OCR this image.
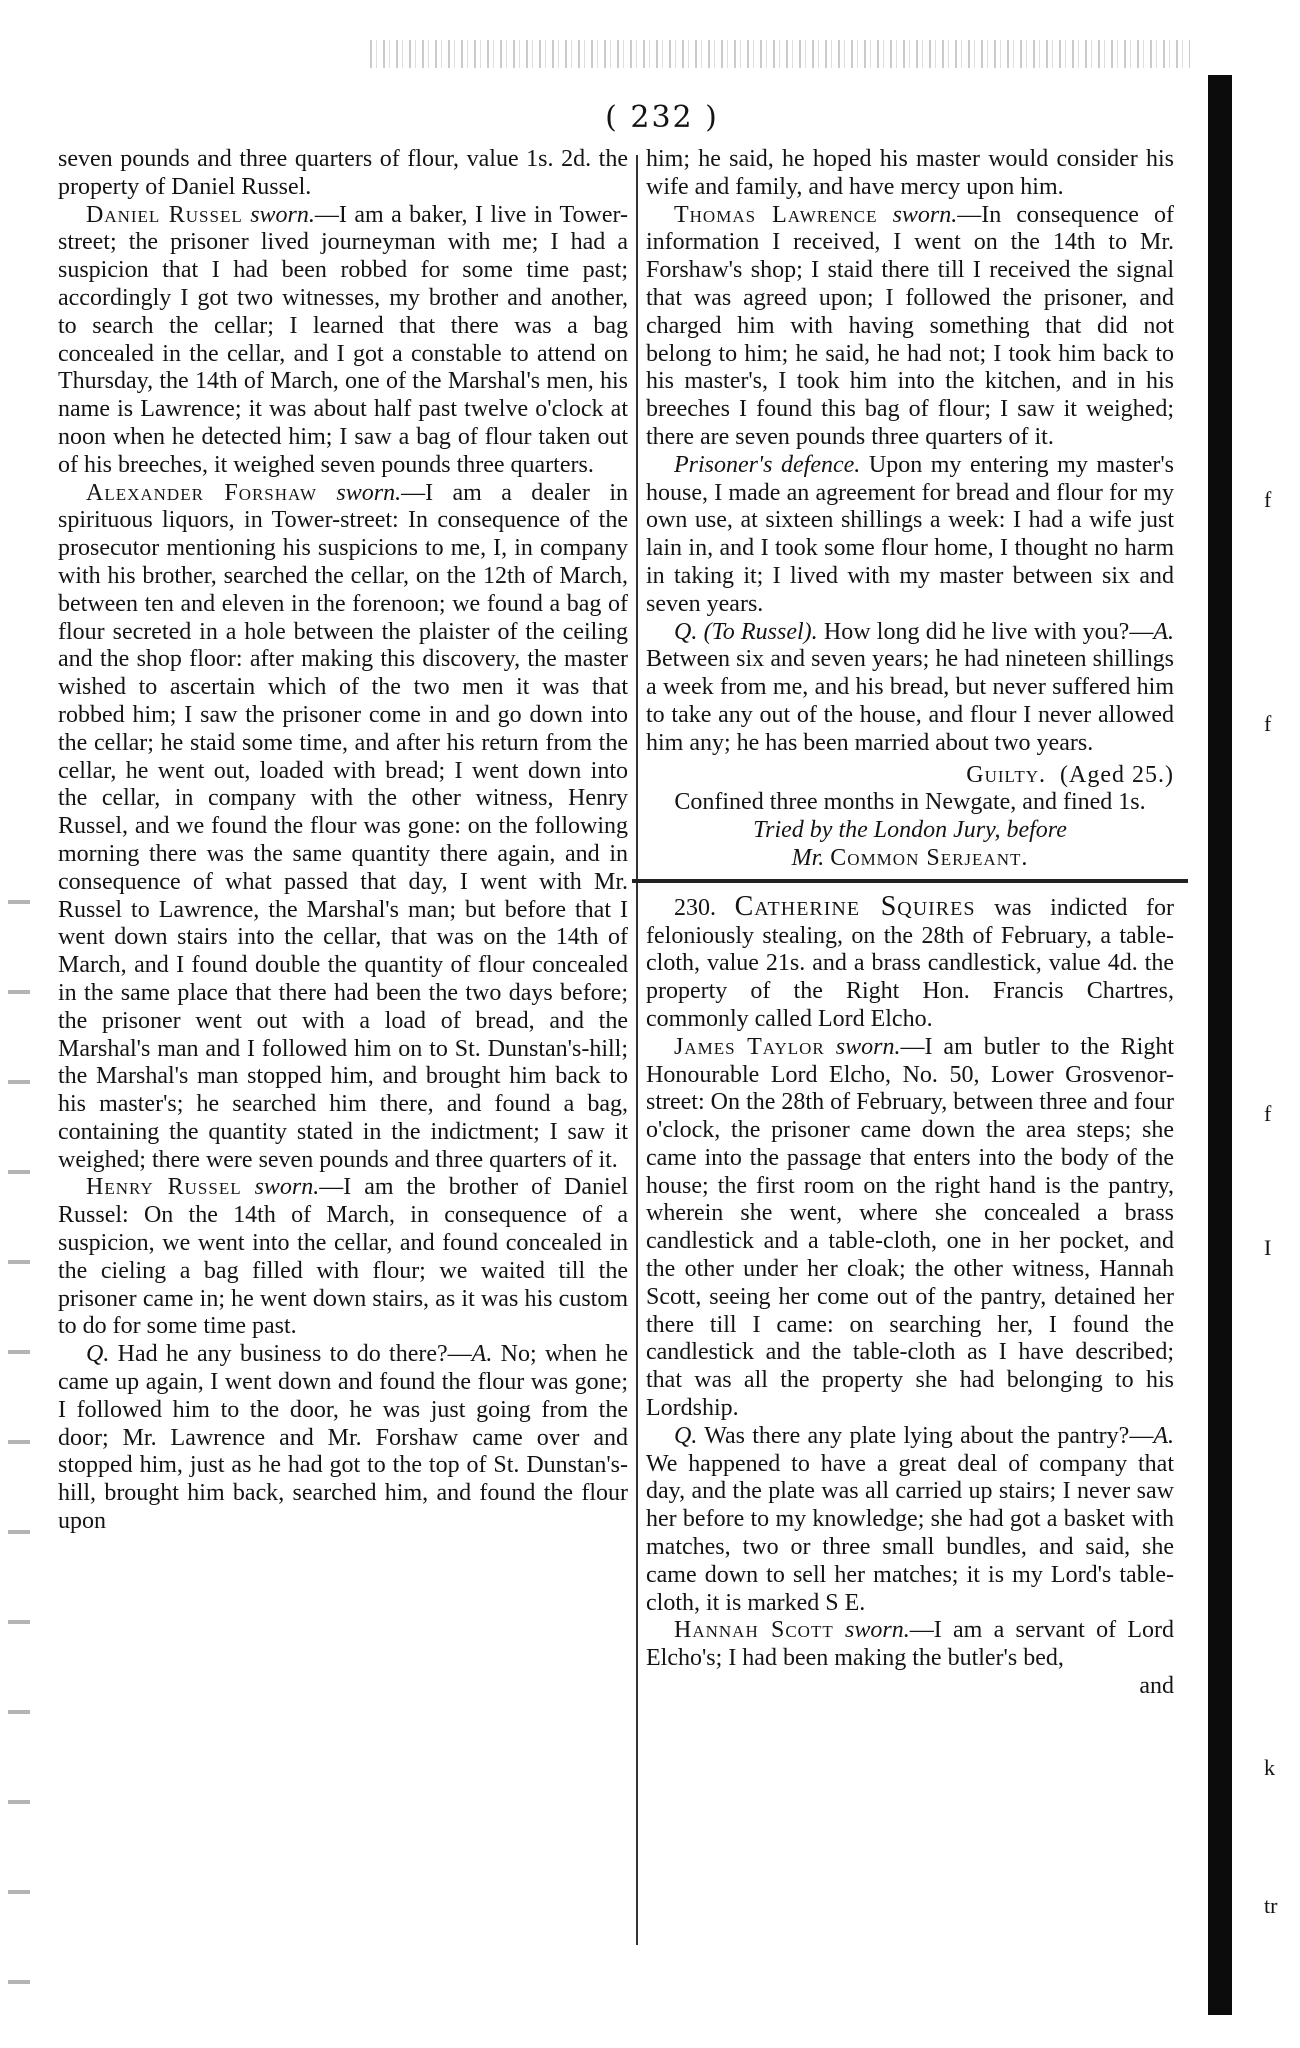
( 232 )

seven pounds and three quarters of flour, value 1s. 2d. the property of Daniel Russel.

Daniel Russel sworn.—I am a baker, I live in Tower-street; the prisoner lived journeyman with me; I had a suspicion that I had been robbed for some time past; accordingly I got two witnesses, my brother and another, to search the cellar; I learned that there was a bag concealed in the cellar, and I got a constable to attend on Thursday, the 14th of March, one of the Marshal's men, his name is Lawrence; it was about half past twelve o'clock at noon when he detected him; I saw a bag of flour taken out of his breeches, it weighed seven pounds three quarters.

Alexander Forshaw sworn.—I am a dealer in spirituous liquors, in Tower-street: In consequence of the prosecutor mentioning his suspicions to me, I, in company with his brother, searched the cellar, on the 12th of March, between ten and eleven in the forenoon; we found a bag of flour secreted in a hole between the plaister of the ceiling and the shop floor: after making this discovery, the master wished to ascertain which of the two men it was that robbed him; I saw the prisoner come in and go down into the cellar; he staid some time, and after his return from the cellar, he went out, loaded with bread; I went down into the cellar, in company with the other witness, Henry Russel, and we found the flour was gone: on the following morning there was the same quantity there again, and in consequence of what passed that day, I went with Mr. Russel to Lawrence, the Marshal's man; but before that I went down stairs into the cellar, that was on the 14th of March, and I found double the quantity of flour concealed in the same place that there had been the two days before; the prisoner went out with a load of bread, and the Marshal's man and I followed him on to St. Dunstan's-hill; the Marshal's man stopped him, and brought him back to his master's; he searched him there, and found a bag, containing the quantity stated in the indictment; I saw it weighed; there were seven pounds and three quarters of it.

Henry Russel sworn.—I am the brother of Daniel Russel: On the 14th of March, in consequence of a suspicion, we went into the cellar, and found concealed in the cieling a bag filled with flour; we waited till the prisoner came in; he went down stairs, as it was his custom to do for some time past.

Q. Had he any business to do there?—A. No; when he came up again, I went down and found the flour was gone; I followed him to the door, he was just going from the door; Mr. Lawrence and Mr. Forshaw came over and stopped him, just as he had got to the top of St. Dunstan's-hill, brought him back, searched him, and found the flour upon

him; he said, he hoped his master would consider his wife and family, and have mercy upon him.

Thomas Lawrence sworn.—In consequence of information I received, I went on the 14th to Mr. Forshaw's shop; I staid there till I received the signal that was agreed upon; I followed the prisoner, and charged him with having something that did not belong to him; he said, he had not; I took him back to his master's, I took him into the kitchen, and in his breeches I found this bag of flour; I saw it weighed; there are seven pounds three quarters of it.

Prisoner's defence. Upon my entering my master's house, I made an agreement for bread and flour for my own use, at sixteen shillings a week: I had a wife just lain in, and I took some flour home, I thought no harm in taking it; I lived with my master between six and seven years.

Q. (To Russel). How long did he live with you?—A. Between six and seven years; he had nineteen shillings a week from me, and his bread, but never suffered him to take any out of the house, and flour I never allowed him any; he has been married about two years.

Guilty. (Aged 25.)

Confined three months in Newgate, and fined 1s.

Tried by the London Jury, before

Mr. Common Serjeant.

230. Catherine Squires was indicted for feloniously stealing, on the 28th of February, a table-cloth, value 21s. and a brass candlestick, value 4d. the property of the Right Hon. Francis Chartres, commonly called Lord Elcho.

James Taylor sworn.—I am butler to the Right Honourable Lord Elcho, No. 50, Lower Grosvenor-street: On the 28th of February, between three and four o'clock, the prisoner came down the area steps; she came into the passage that enters into the body of the house; the first room on the right hand is the pantry, wherein she went, where she concealed a brass candlestick and a table-cloth, one in her pocket, and the other under her cloak; the other witness, Hannah Scott, seeing her come out of the pantry, detained her there till I came: on searching her, I found the candlestick and the table-cloth as I have described; that was all the property she had belonging to his Lordship.

Q. Was there any plate lying about the pantry?—A. We happened to have a great deal of company that day, and the plate was all carried up stairs; I never saw her before to my knowledge; she had got a basket with matches, two or three small bundles, and said, she came down to sell her matches; it is my Lord's table-cloth, it is marked S E.

Hannah Scott sworn.—I am a servant of Lord Elcho's; I had been making the butler's bed,

and

f
f
I
f
k
tr
